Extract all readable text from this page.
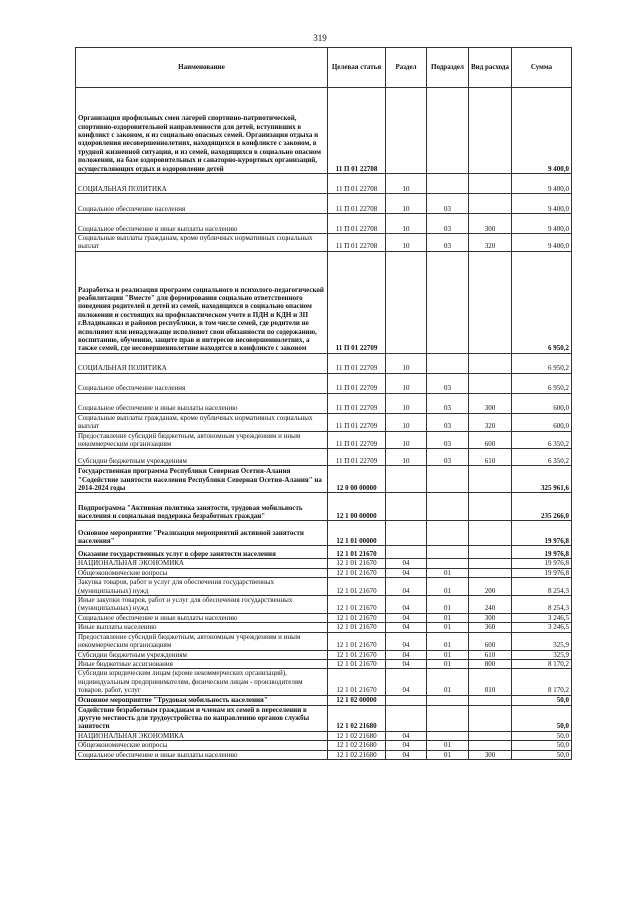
319
Наименование	Целевая статья	Раздел	Подраздел	Вид расхода	Сумма
Организация профильных смен лагерей спортивно-патриотической, спортивно-оздоровительной направленности для детей, вступивших в конфликт с законом, и из социально опасных семей. Организация отдыха и оздоровления несовершеннолетних, находящихся в конфликте с законом, в трудной жизненной ситуации, и из семей, находящихся в социально опасном положении, на базе оздоровительных и санаторно-курортных организаций, осуществляющих отдых и оздоровление детей	11 П 01 22708				9 400,0
СОЦИАЛЬНАЯ ПОЛИТИКА	11 П 01 22708	10			9 400,0
Социальное обеспечение населения	11 П 01 22708	10	03		9 400,0
Социальное обеспечение и иные выплаты населению	11 П 01 22708	10	03	300	9 400,0
Социальные выплаты гражданам, кроме публичных нормативных социальных выплат	11 П 01 22708	10	03	320	9 400,0
Разработка и реализация программ социального и психолого-педагогической реабилитации "Вместе" для формирования социально ответственного поведения родителей и детей из семей, находящихся в социально опасном положении и состоящих на профилактическом учете в ПДН и КДН и ЗП г.Владикавказ и районов республики, в том числе семей, где родители не исполняют или ненадлежаще исполняют свои обязанности по содержанию, воспитанию, обучению, защите прав и интересов несовершеннолетних, а также семей, где несовершеннолетние находятся в конфликте с законом	11 П 01 22709				6 950,2
СОЦИАЛЬНАЯ ПОЛИТИКА	11 П 01 22709	10			6 950,2
Социальное обеспечение населения	11 П 01 22709	10	03		6 950,2
Социальное обеспечение и иные выплаты населению	11 П 01 22709	10	03	300	600,0
Социальные выплаты гражданам, кроме публичных нормативных социальных выплат	11 П 01 22709	10	03	320	600,0
Предоставление субсидий бюджетным, автономным учреждениям и иным некоммерческим организациям	11 П 01 22709	10	03	600	6 350,2
Субсидии бюджетным учреждениям	11 П 01 22709	10	03	610	6 350,2
Государственная программа Республики Северная Осетия-Алания "Содействие занятости населения Республики Северная Осетия-Алания" на 2014-2024 годы	12 0 00 00000				325 961,6
Подпрограмма "Активная политика занятости, трудовая мобильность населения и социальная поддержка безработных граждан"	12 1 00 00000				235 266,0
Основное мероприятие "Реализация мероприятий активной занятости населения"	12 1 01 00000				19 976,8
Оказание государственных услуг в сфере занятости населения	12 1 01 21670				19 976,8
НАЦИОНАЛЬНАЯ ЭКОНОМИКА	12 1 01 21670	04			19 976,8
Общеэкономические вопросы	12 1 01 21670	04	01		19 976,8
Закупка товаров, работ и услуг для обеспечения государственных (муниципальных) нужд	12 1 01 21670	04	01	200	8 254,3
Иные закупки товаров, работ и услуг для обеспечения государственных (муниципальных) нужд	12 1 01 21670	04	01	240	8 254,3
Социальное обеспечение и иные выплаты населению	12 1 01 21670	04	01	300	3 246,5
Иные выплаты населению	12 1 01 21670	04	01	360	3 246,5
Предоставление субсидий бюджетным, автономным учреждениям и иным некоммерческим организациям	12 1 01 21670	04	01	600	325,9
Субсидии бюджетным учреждениям	12 1 01 21670	04	01	610	325,9
Иные бюджетные ассигнования	12 1 01 21670	04	01	800	8 170,2
Субсидии юридическим лицам (кроме некоммерческих организаций), индивидуальным предпринимателям, физическим лицам - производителям товаров, работ, услуг	12 1 01 21670	04	01	810	8 170,2
Основное мероприятие "Трудовая мобильность населения"	12 1 02 00000				50,0
Содействие безработным гражданам и членам их семей в переселении в другую местность для трудоустройства по направлению органов службы занятости	12 1 02 21680				50,0
НАЦИОНАЛЬНАЯ ЭКОНОМИКА	12 1 02 21680	04			50,0
Общеэкономические вопросы	12 1 02 21680	04	01		50,0
Социальное обеспечение и иные выплаты населению	12 1 02 21680	04	01	300	50,0
